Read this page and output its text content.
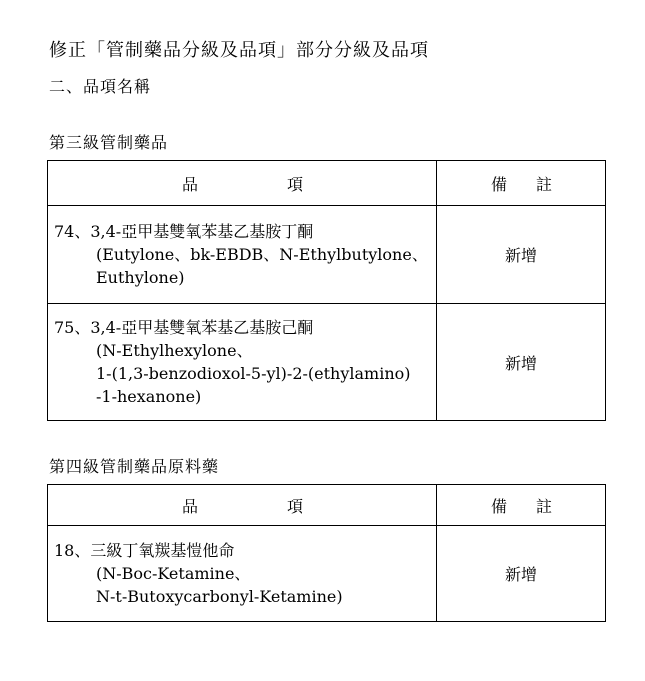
修正「管制藥品分級及品項」部分分級及品項
二、品項名稱
第三級管制藥品
品 項	備 註

74、3,4-亞甲基雙氧苯基乙基胺丁酮
(Eutylone、bk-EBDB、N-Ethylbutylone、
Euthylone)	新增

75、3,4-亞甲基雙氧苯基乙基胺己酮
(N-Ethylhexylone、
1-(1,3-benzodioxol-5-yl)-2-(ethylamino)
-1-hexanone)	新增
第四級管制藥品原料藥
品 項	備 註

18、三級丁氧羰基愷他命
(N-Boc-Ketamine、
N-t-Butoxycarbonyl-Ketamine)	新增
